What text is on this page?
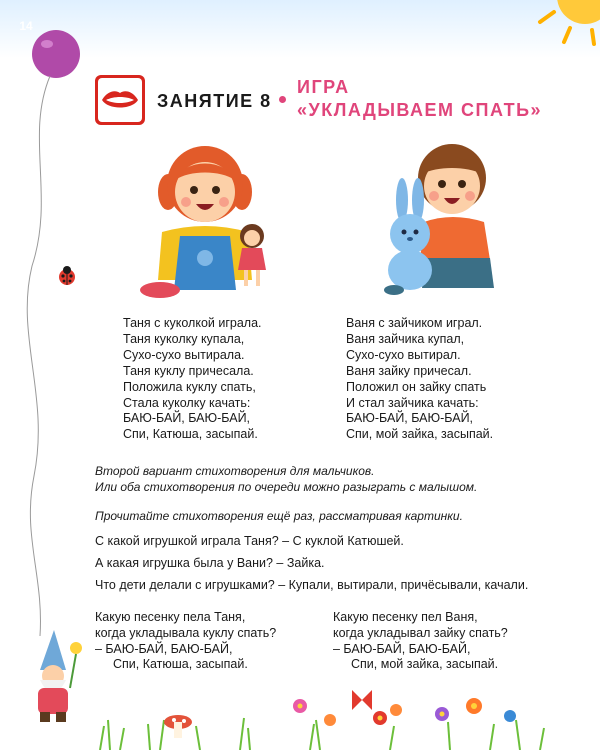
14
ЗАНЯТИЕ 8
ИГРА
«УКЛАДЫВАЕМ СПАТЬ»
Таня с куколкой играла.
Таня куколку купала,
Сухо-сухо вытирала.
Таня куклу причесала.
Положила куклу спать,
Стала куколку качать:
БАЮ-БАЙ, БАЮ-БАЙ,
Спи, Катюша, засыпай.
Ваня с зайчиком играл.
Ваня зайчика купал,
Сухо-сухо вытирал.
Ваня зайку причесал.
Положил он зайку спать
И стал зайчика качать:
БАЮ-БАЙ, БАЮ-БАЙ,
Спи, мой зайка, засыпай.
Второй вариант стихотворения для мальчиков.
Или оба стихотворения по очереди можно разыграть с малышом.
Прочитайте стихотворения ещё раз, рассматривая картинки.
С какой игрушкой играла Таня? – С куклой Катюшей.
А какая игрушка была у Вани? – Зайка.
Что дети делали с игрушками? – Купали, вытирали, причёсывали, качали.
Какую песенку пела Таня,
когда укладывала куклу спать?
– БАЮ-БАЙ, БАЮ-БАЙ,
Спи, Катюша, засыпай.
Какую песенку пел Ваня,
когда укладывал зайку спать?
– БАЮ-БАЙ, БАЮ-БАЙ,
Спи, мой зайка, засыпай.
